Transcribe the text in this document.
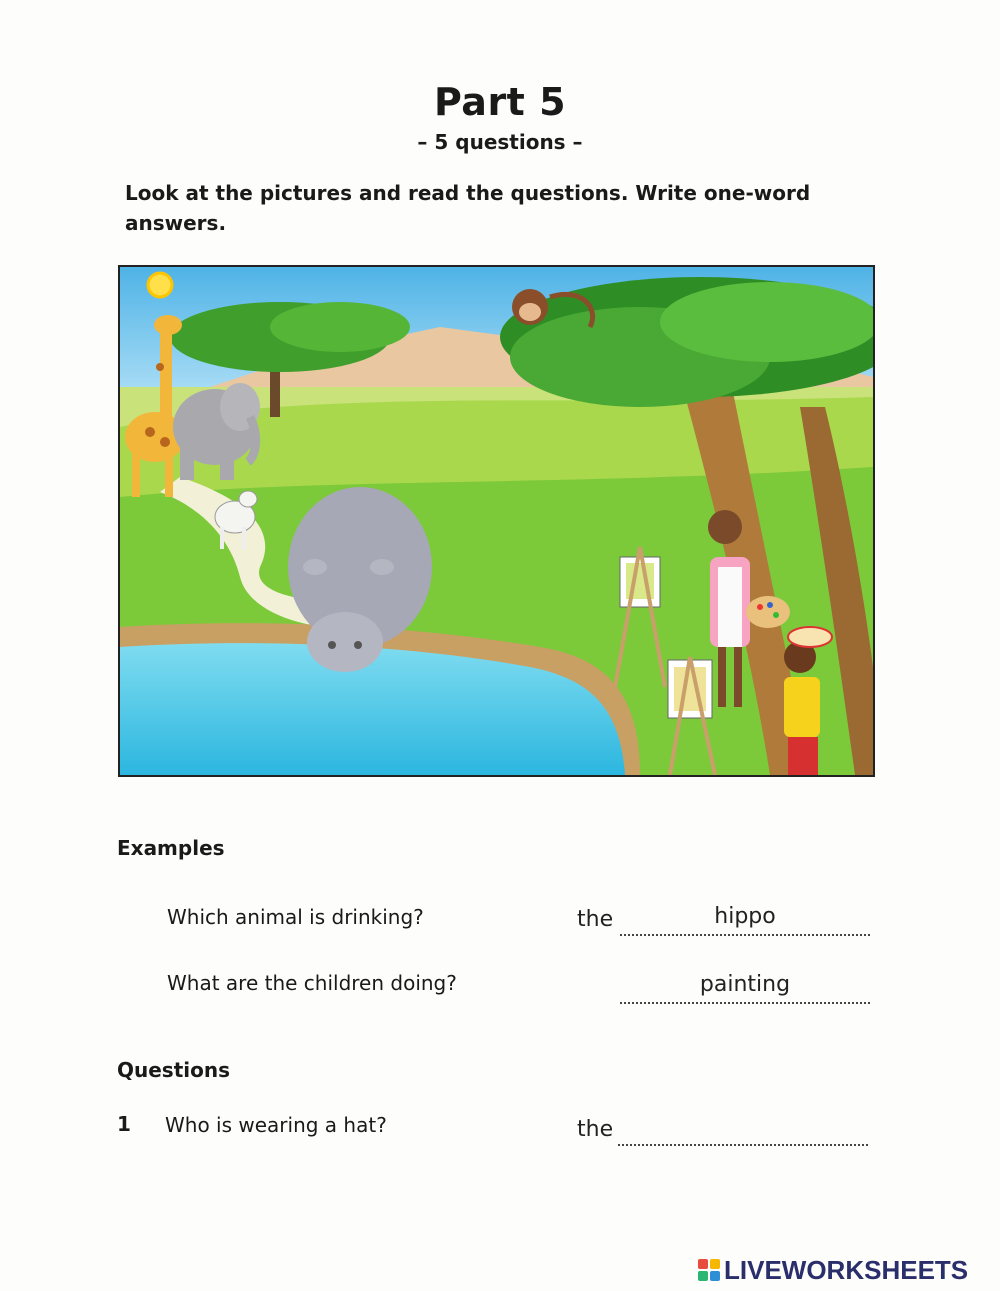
Part 5
– 5 questions –
Look at the pictures and read the questions. Write one-word answers.
Examples
Which animal is drinking?	the	hippo
What are the children doing?	painting
Questions
1 Who is wearing a hat?	the
LIVEWORKSHEETS
